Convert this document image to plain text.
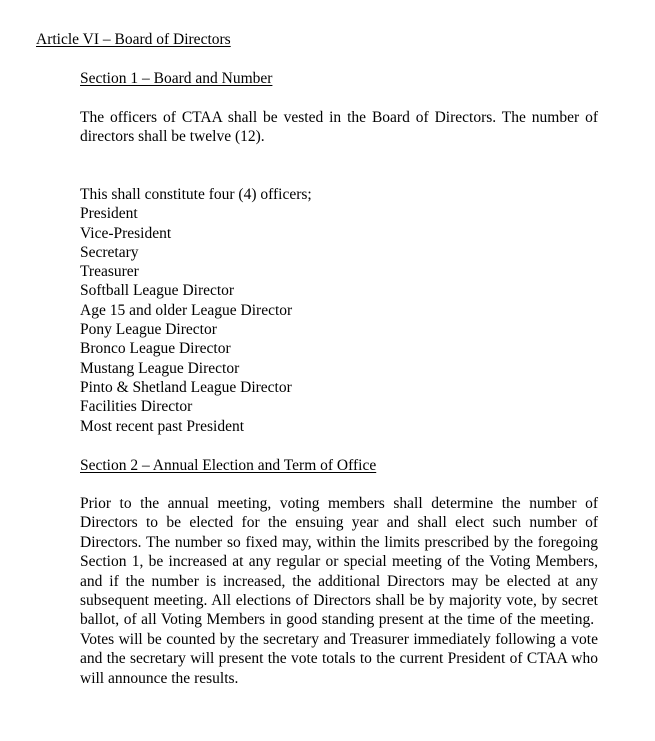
Article VI – Board of Directors
Section 1 – Board and Number

The officers of CTAA shall be vested in the Board of Directors. The number of directors shall be twelve (12).

This shall constitute four (4) officers;
President
Vice-President
Secretary
Treasurer
Softball League Director
Age 15 and older League Director
Pony League Director
Bronco League Director
Mustang League Director
Pinto & Shetland League Director
Facilities Director
Most recent past President
Section 2 – Annual Election and Term of Office

Prior to the annual meeting, voting members shall determine the number of Directors to be elected for the ensuing year and shall elect such number of Directors. The number so fixed may, within the limits prescribed by the foregoing Section 1, be increased at any regular or special meeting of the Voting Members, and if the number is increased, the additional Directors may be elected at any subsequent meeting. All elections of Directors shall be by majority vote, by secret ballot, of all Voting Members in good standing present at the time of the meeting.  Votes will be counted by the secretary and Treasurer immediately following a vote and the secretary will present the vote totals to the current President of CTAA who will announce the results.
